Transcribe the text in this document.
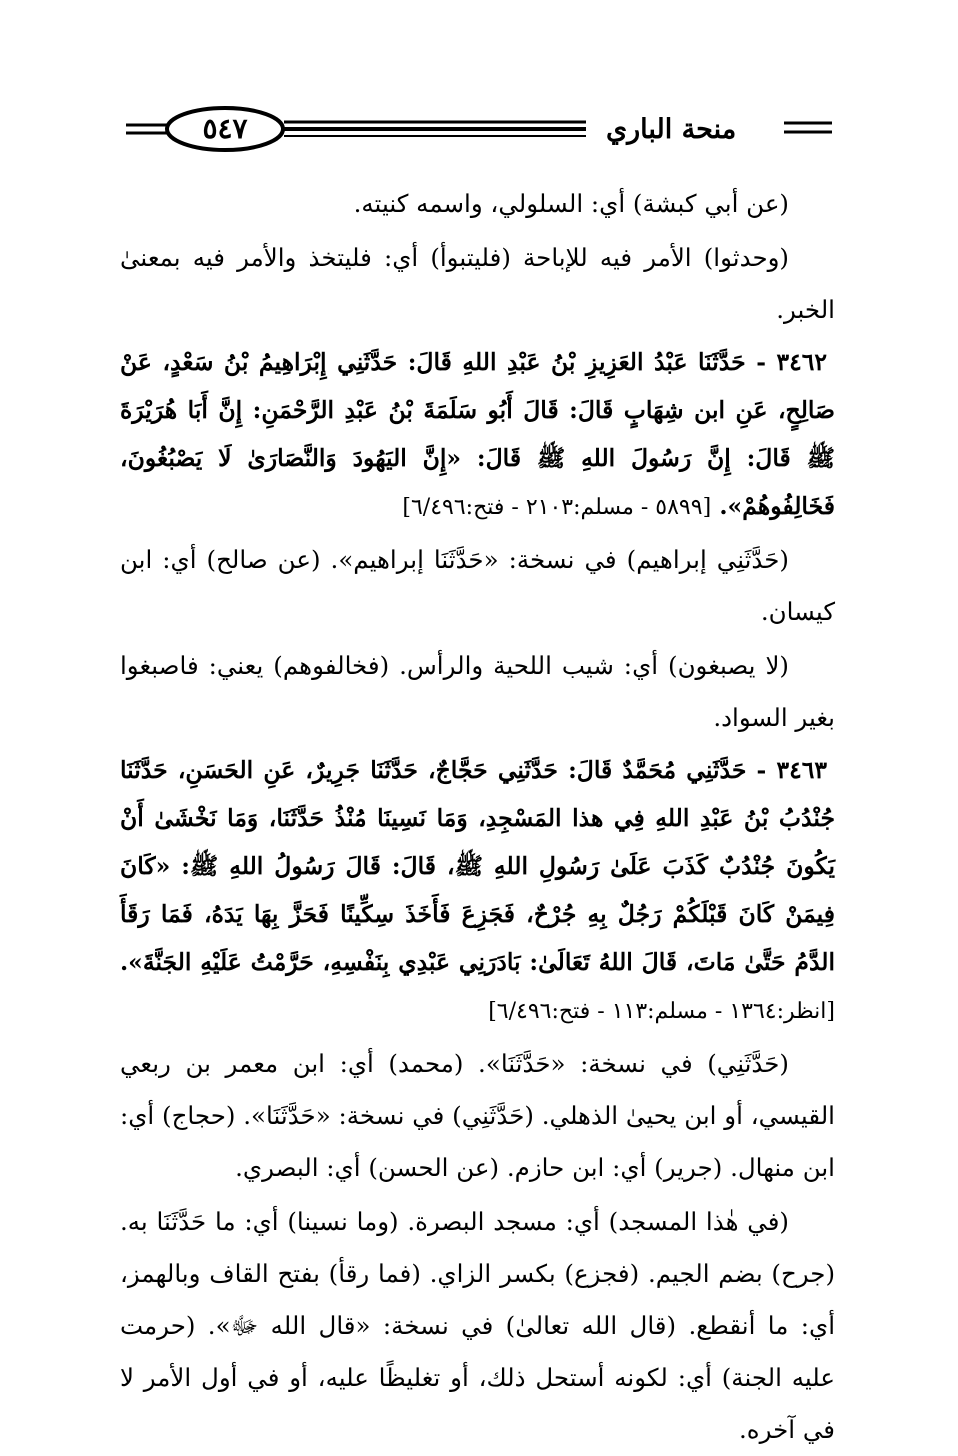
٥٤٧	منحة الباري

(عن أبي كبشة) أي: السلولي، واسمه كنيته.

(وحدثوا) الأمر فيه للإباحة (فليتبوأ) أي: فليتخذ والأمر فيه بمعنىٰ الخبر.

٣٤٦٢ - حَدَّثَنَا عَبْدُ العَزِيزِ بْنُ عَبْدِ اللهِ قَالَ: حَدَّثَنِي إِبْرَاهِيمُ بْنُ سَعْدٍ، عَنْ صَالِحٍ، عَنِ ابن شِهَابٍ قَالَ: قَالَ أَبُو سَلَمَةَ بْنُ عَبْدِ الرَّحْمَنِ: إِنَّ أَبَا هُرَيْرَةَ ﷺ قَالَ: إِنَّ رَسُولَ اللهِ ﷺ قَالَ: «إِنَّ اليَهُودَ وَالنَّصَارَىٰ لَا يَصْبُغُونَ، فَخَالِفُوهُمْ». [٥٨٩٩ - مسلم:٢١٠٣ - فتح:٦/٤٩٦]

(حَدَّثَنِي إبراهيم) في نسخة: «حَدَّثَنَا إبراهيم». (عن صالح) أي: ابن كيسان.

(لا يصبغون) أي: شيب اللحية والرأس. (فخالفوهم) يعني: فاصبغوا بغير السواد.

٣٤٦٣ - حَدَّثَنِي مُحَمَّدٌ قَالَ: حَدَّثَنِي حَجَّاجٌ، حَدَّثَنَا جَرِيرٌ، عَنِ الحَسَنِ، حَدَّثَنَا جُنْدُبُ بْنُ عَبْدِ اللهِ فِي هذا المَسْجِدِ، وَمَا نَسِينَا مُنْذُ حَدَّثَنَا، وَمَا نَخْشَىٰ أَنْ يَكُونَ جُنْدُبٌ كَذَبَ عَلَىٰ رَسُولِ اللهِ ﷺ، قَالَ: قَالَ رَسُولُ اللهِ ﷺ: «كَانَ فِيمَنْ كَانَ قَبْلَكُمْ رَجُلٌ بِهِ جُرْحٌ، فَجَزِعَ فَأَخَذَ سِكِّينًا فَحَزَّ بِهَا يَدَهُ، فَمَا رَقَأَ الدَّمُ حَتَّىٰ مَاتَ، قَالَ اللهُ تَعَالَىٰ: بَادَرَنِي عَبْدِي بِنَفْسِهِ، حَرَّمْتُ عَلَيْهِ الجَنَّةَ». [انظر:١٣٦٤ - مسلم:١١٣ - فتح:٦/٤٩٦]

(حَدَّثَنِي) في نسخة: «حَدَّثَنَا». (محمد) أي: ابن معمر بن ربعي القيسي، أو ابن يحيىٰ الذهلي. (حَدَّثَنِي) في نسخة: «حَدَّثَنَا». (حجاج) أي: ابن منهال. (جرير) أي: ابن حازم. (عن الحسن) أي: البصري.

(في هٰذا المسجد) أي: مسجد البصرة. (وما نسينا) أي: ما حَدَّثَنَا به. (جرح) بضم الجيم. (فجزع) بكسر الزاي. (فما رقأ) بفتح القاف وبالهمز، أي: ما أنقطع. (قال الله تعالىٰ) في نسخة: «قال الله ﷻ». (حرمت عليه الجنة) أي: لكونه أستحل ذلك، أو تغليظًا عليه، أو في أول الأمر لا في آخره.
